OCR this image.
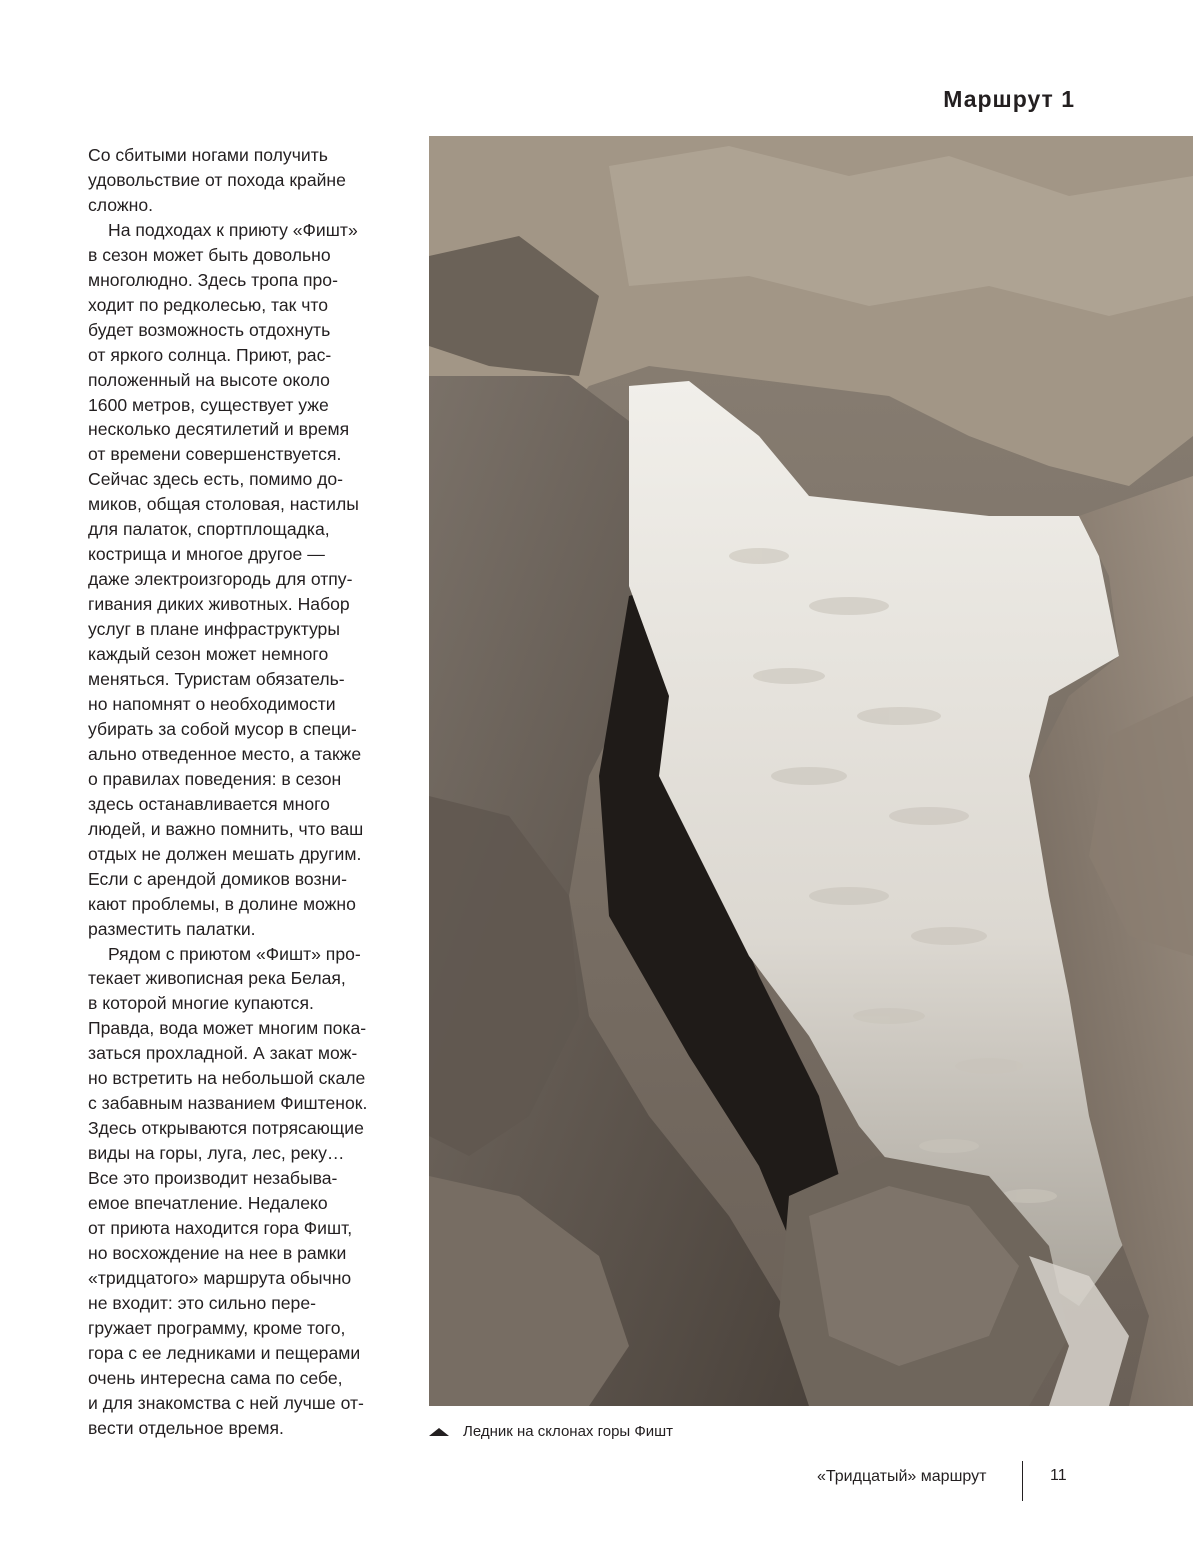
Маршрут 1
Со сбитыми ногами получить
удовольствие от похода крайне
сложно.
На подходах к приюту «Фишт»
в сезон может быть довольно
многолюдно. Здесь тропа про-
ходит по редколесью, так что
будет возможность отдохнуть
от яркого солнца. Приют, рас-
положенный на высоте около
1600 метров, существует уже
несколько десятилетий и время
от времени совершенствуется.
Сейчас здесь есть, помимо до-
миков, общая столовая, настилы
для палаток, спортплощадка,
кострища и многое другое —
даже электроизгородь для отпу-
гивания диких животных. Набор
услуг в плане инфраструктуры
каждый сезон может немного
меняться. Туристам обязатель-
но напомнят о необходимости
убирать за собой мусор в специ-
ально отведенное место, а также
о правилах поведения: в сезон
здесь останавливается много
людей, и важно помнить, что ваш
отдых не должен мешать другим.
Если с арендой домиков возни-
кают проблемы, в долине можно
разместить палатки.
Рядом с приютом «Фишт» про-
текает живописная река Белая,
в которой многие купаются.
Правда, вода может многим пока-
заться прохладной. А закат мож-
но встретить на небольшой скале
с забавным названием Фиштенок.
Здесь открываются потрясающие
виды на горы, луга, лес, реку…
Все это производит незабыва-
емое впечатление. Недалеко
от приюта находится гора Фишт,
но восхождение на нее в рамки
«тридцатого» маршрута обычно
не входит: это сильно пере-
гружает программу, кроме того,
гора с ее ледниками и пещерами
очень интересна сама по себе,
и для знакомства с ней лучше от-
вести отдельное время.	Ледник на склонах горы Фишт
«Тридцатый» маршрут	11
